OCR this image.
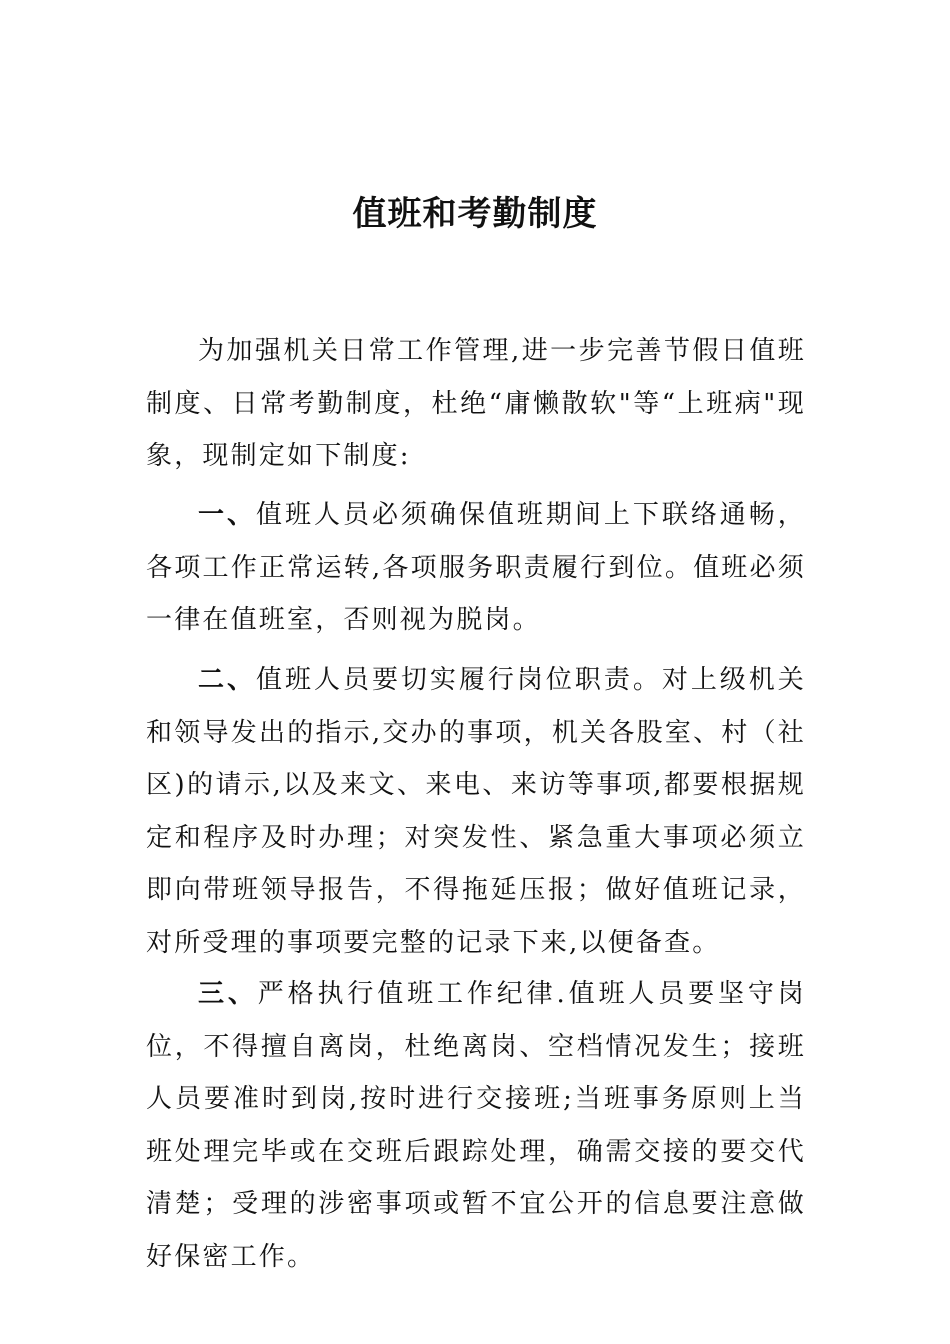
值班和考勤制度

为加强机关日常工作管理,进一步完善节假日值班制度、日常考勤制度，杜绝“庸懒散软"等“上班病"现象，现制定如下制度:

一、值班人员必须确保值班期间上下联络通畅，各项工作正常运转,各项服务职责履行到位。值班必须一律在值班室，否则视为脱岗。

二、值班人员要切实履行岗位职责。对上级机关和领导发出的指示,交办的事项，机关各股室、村（社区)的请示,以及来文、来电、来访等事项,都要根据规定和程序及时办理；对突发性、紧急重大事项必须立即向带班领导报告，不得拖延压报；做好值班记录，对所受理的事项要完整的记录下来,以便备查。

三、严格执行值班工作纪律.值班人员要坚守岗位，不得擅自离岗，杜绝离岗、空档情况发生；接班人员要准时到岗,按时进行交接班;当班事务原则上当班处理完毕或在交班后跟踪处理，确需交接的要交代清楚；受理的涉密事项或暂不宜公开的信息要注意做好保密工作。
